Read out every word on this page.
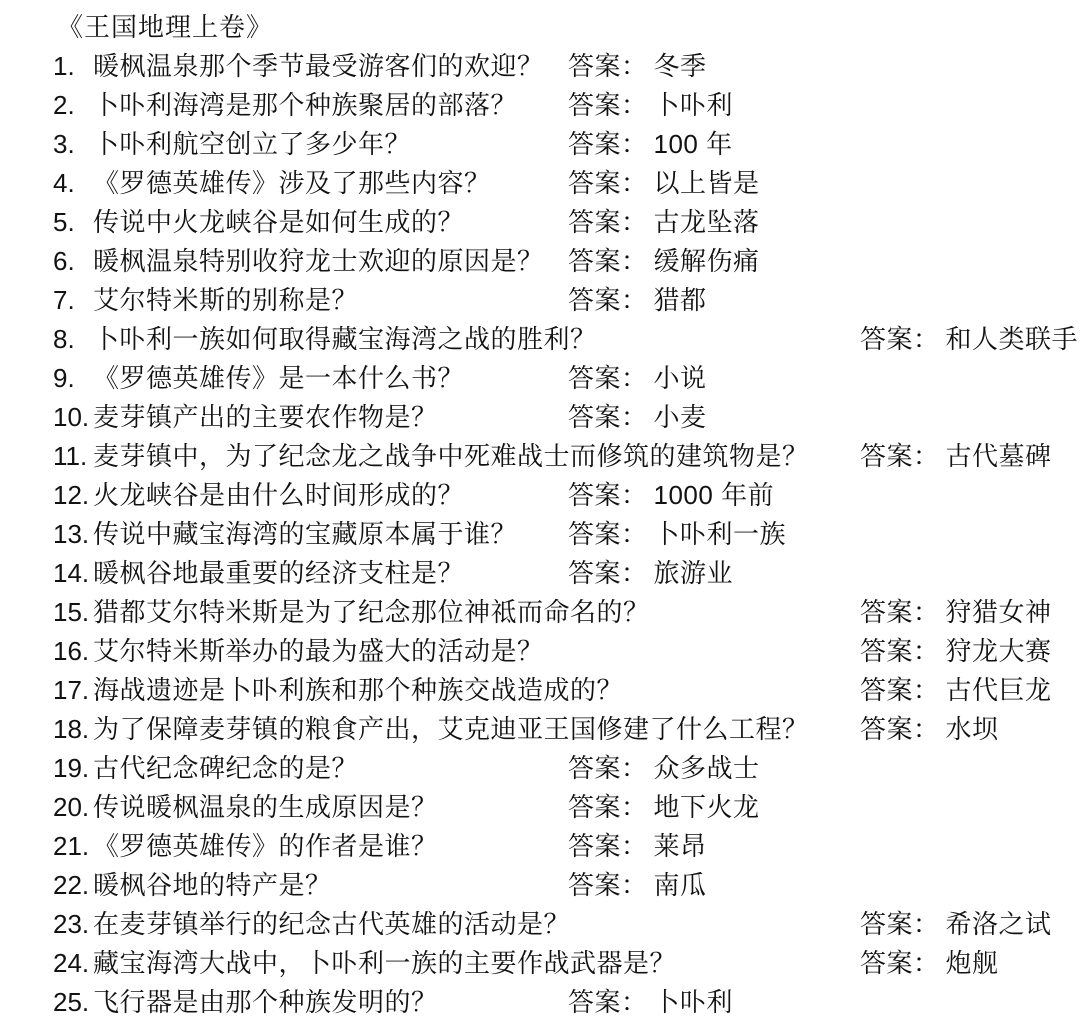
《王国地理上卷》
1. 暖枫温泉那个季节最受游客们的欢迎？ 答案： 冬季
2. 卜卟利海湾是那个种族聚居的部落？ 答案： 卜卟利
3. 卜卟利航空创立了多少年？	答案： 100 年
4. 《罗德英雄传》涉及了那些内容？	答案： 以上皆是
5. 传说中火龙峡谷是如何生成的？	答案： 古龙坠落
6. 暖枫温泉特别收狩龙士欢迎的原因是？ 答案： 缓解伤痛
7. 艾尔特米斯的别称是？	答案： 猎都
8. 卜卟利一族如何取得藏宝海湾之战的胜利？	答案： 和人类联手
9. 《罗德英雄传》是一本什么书？	答案： 小说
10. 麦芽镇产出的主要农作物是？	答案： 小麦
11. 麦芽镇中，为了纪念龙之战争中死难战士而修筑的建筑物是？ 答案： 古代墓碑
12. 火龙峡谷是由什么时间形成的？	答案： 1000 年前
13. 传说中藏宝海湾的宝藏原本属于谁？ 答案： 卜卟利一族
14. 暖枫谷地最重要的经济支柱是？	答案： 旅游业
15. 猎都艾尔特米斯是为了纪念那位神祗而命名的？	答案： 狩猎女神
16. 艾尔特米斯举办的最为盛大的活动是？	答案： 狩龙大赛
17. 海战遗迹是卜卟利族和那个种族交战造成的？	答案： 古代巨龙
18. 为了保障麦芽镇的粮食产出，艾克迪亚王国修建了什么工程？ 答案： 水坝
19. 古代纪念碑纪念的是？	答案： 众多战士
20. 传说暖枫温泉的生成原因是？	答案： 地下火龙
21. 《罗德英雄传》的作者是谁？	答案： 莱昂
22. 暖枫谷地的特产是？	答案： 南瓜
23. 在麦芽镇举行的纪念古代英雄的活动是？	答案： 希洛之试
24. 藏宝海湾大战中，卜卟利一族的主要作战武器是？	答案： 炮舰
25. 飞行器是由那个种族发明的？	答案： 卜卟利
